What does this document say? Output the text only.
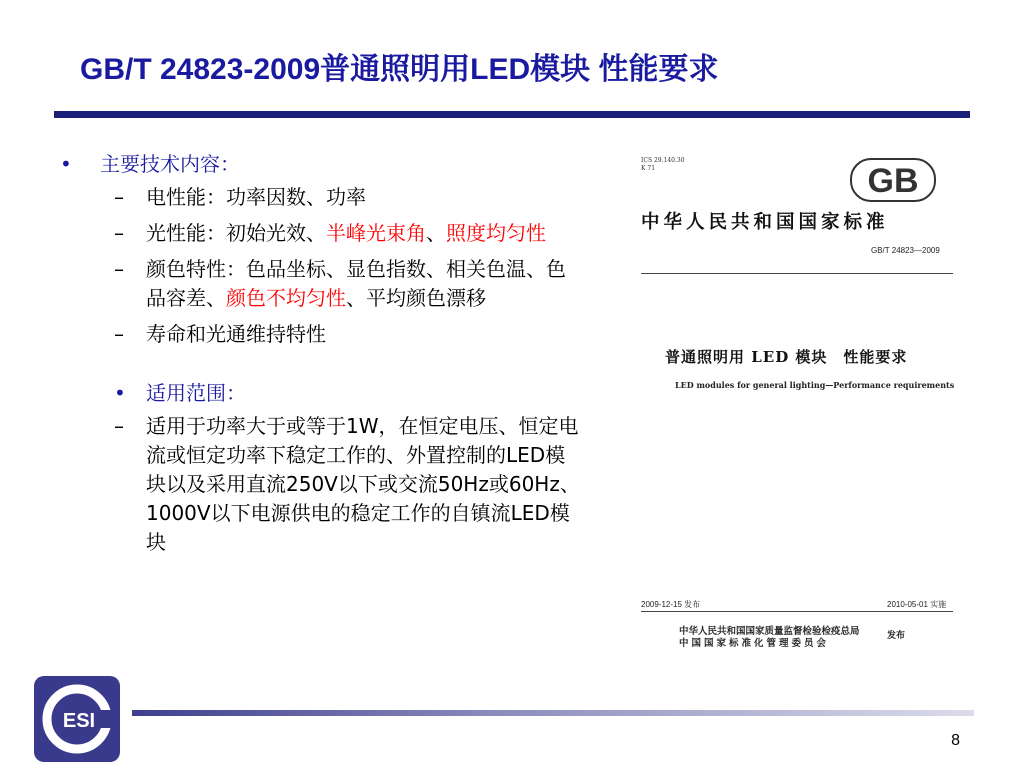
GB/T 24823-2009普通照明用LED模块 性能要求
•	主要技术内容：
– 电性能：功率因数、功率
– 光性能：初始光效、半峰光束角、照度均匀性
– 颜色特性：色品坐标、显色指数、相关色温、色品容差、颜色不均匀性、平均颜色漂移
– 寿命和光通维持特性
• 适用范围：
– 适用于功率大于或等于1W，在恒定电压、恒定电流或恒定功率下稳定工作的、外置控制的LED模块以及采用直流250V以下或交流50Hz或60Hz、1000V以下电源供电的稳定工作的自镇流LED模块
ICS 29.140.30
K 71	GB
中华人民共和国国家标准
GB/T 24823—2009
普通照明用 LED 模块　性能要求
LED modules for general lighting—Performance requirements
2009-12-15 发布	2010-05-01 实施
中华人民共和国国家质量监督检验检疫总局
中国国家标准化管理委员会
发布
ESI
8
